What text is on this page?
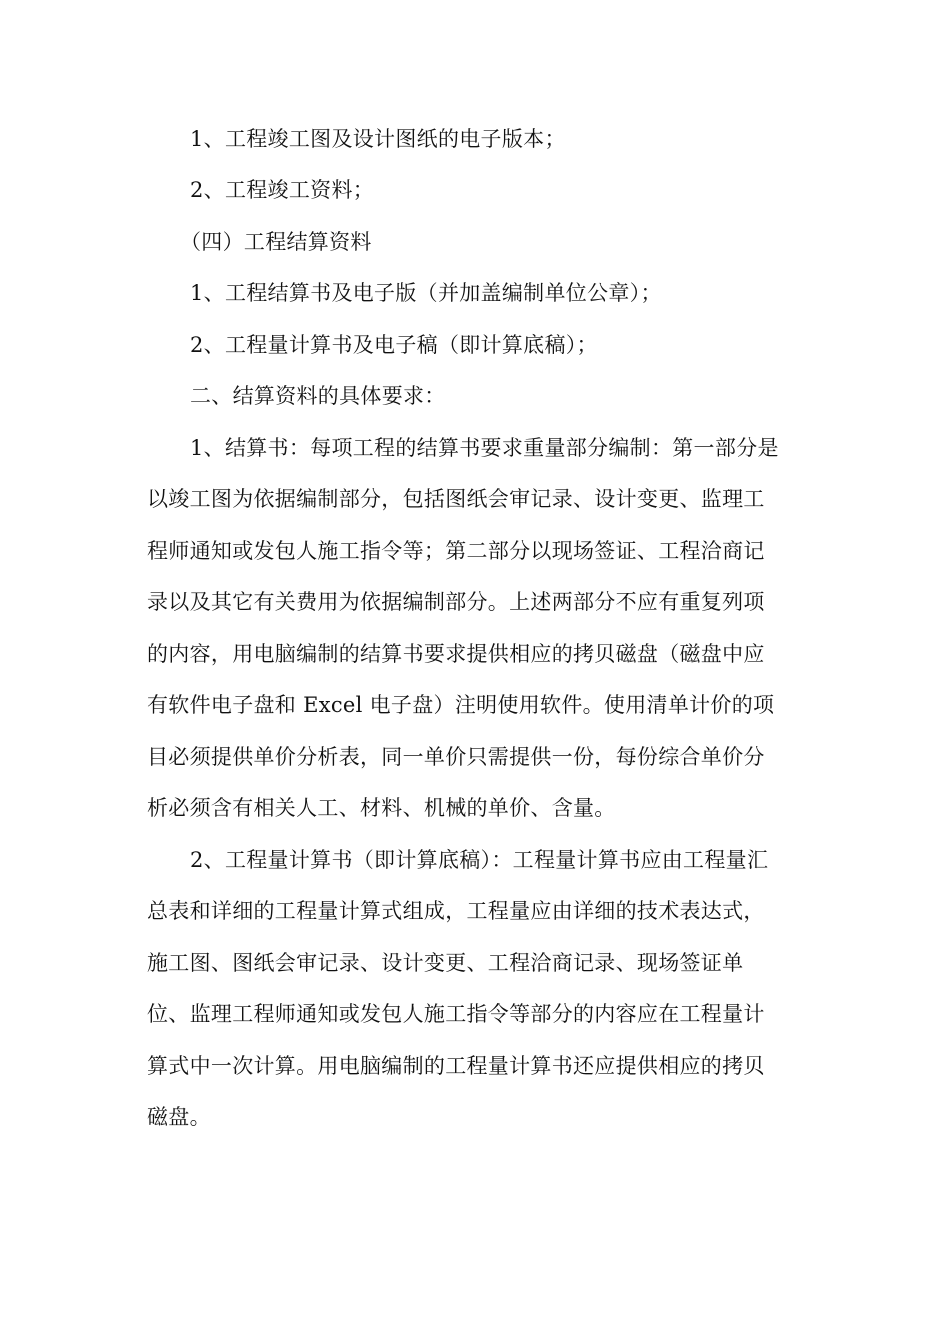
1、工程竣工图及设计图纸的电子版本；
2、工程竣工资料；
（四）工程结算资料
1、工程结算书及电子版（并加盖编制单位公章）；
2、工程量计算书及电子稿（即计算底稿）；
二、结算资料的具体要求：
1、结算书：每项工程的结算书要求重量部分编制：第一部分是
以竣工图为依据编制部分，包括图纸会审记录、设计变更、监理工
程师通知或发包人施工指令等；第二部分以现场签证、工程洽商记
录以及其它有关费用为依据编制部分。上述两部分不应有重复列项
的内容，用电脑编制的结算书要求提供相应的拷贝磁盘（磁盘中应
有软件电子盘和 Excel 电子盘）注明使用软件。使用清单计价的项
目必须提供单价分析表，同一单价只需提供一份，每份综合单价分
析必须含有相关人工、材料、机械的单价、含量。
2、工程量计算书（即计算底稿）：工程量计算书应由工程量汇
总表和详细的工程量计算式组成，工程量应由详细的技术表达式，
施工图、图纸会审记录、设计变更、工程洽商记录、现场签证单
位、监理工程师通知或发包人施工指令等部分的内容应在工程量计
算式中一次计算。用电脑编制的工程量计算书还应提供相应的拷贝
磁盘。
